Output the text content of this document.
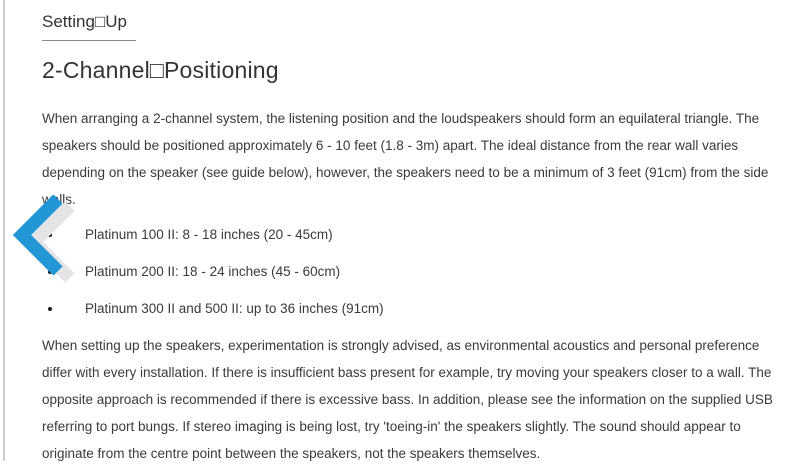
Setting□Up
2-Channel□Positioning

When arranging a 2-channel system, the listening position and the loudspeakers should form an equilateral triangle. The speakers should be positioned approximately 6 - 10 feet (1.8 - 3m) apart. The ideal distance from the rear wall varies depending on the speaker (see guide below), however, the speakers need to be a minimum of 3 feet (91cm) from the side walls.

Platinum 100 II: 8 - 18 inches (20 - 45cm)
Platinum 200 II: 18 - 24 inches (45 - 60cm)
Platinum 300 II and 500 II: up to 36 inches (91cm)

When setting up the speakers, experimentation is strongly advised, as environmental acoustics and personal preference differ with every installation. If there is insufficient bass present for example, try moving your speakers closer to a wall. The opposite approach is recommended if there is excessive bass. In addition, please see the information on the supplied USB referring to port bungs. If stereo imaging is being lost, try 'toeing-in' the speakers slightly. The sound should appear to originate from the centre point between the speakers, not the speakers themselves.
